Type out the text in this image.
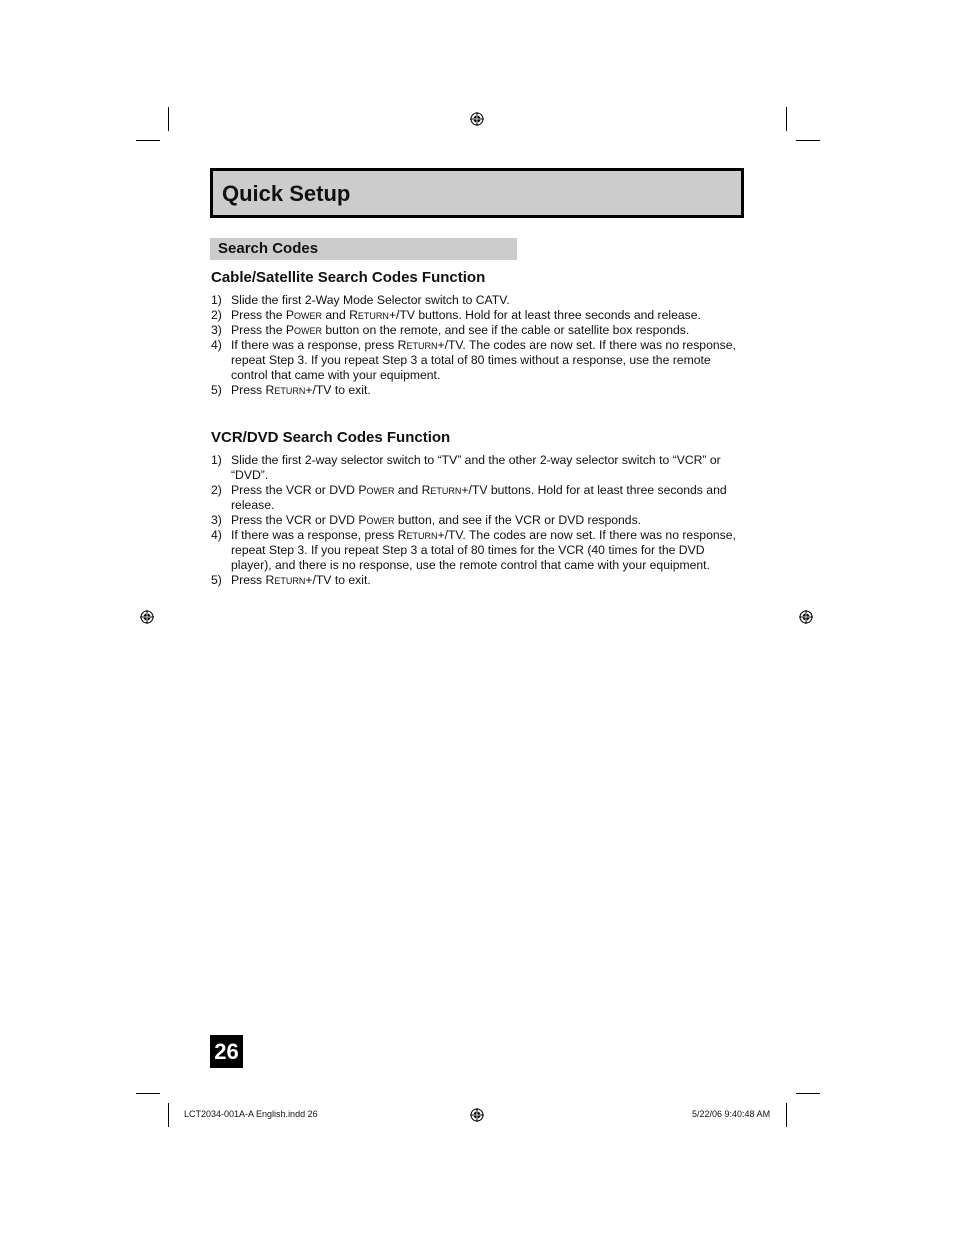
Quick Setup
Search Codes
Cable/Satellite Search Codes Function
1) Slide the first 2-Way Mode Selector switch to CATV.
2) Press the Power and Return+/TV buttons. Hold for at least three seconds and release.
3) Press the Power button on the remote, and see if the cable or satellite box responds.
4) If there was a response, press Return+/TV. The codes are now set. If there was no response, repeat Step 3. If you repeat Step 3 a total of 80 times without a response, use the remote control that came with your equipment.
5) Press Return+/TV to exit.
VCR/DVD Search Codes Function
1) Slide the first 2-way selector switch to “TV” and the other 2-way selector switch to “VCR” or “DVD”.
2) Press the VCR or DVD Power and Return+/TV buttons. Hold for at least three seconds and release.
3) Press the VCR or DVD Power button, and see if the VCR or DVD responds.
4) If there was a response, press Return+/TV. The codes are now set. If there was no response, repeat Step 3. If you repeat Step 3 a total of 80 times for the VCR (40 times for the DVD player), and there is no response, use the remote control that came with your equipment.
5) Press Return+/TV to exit.
26
LCT2034-001A-A English.indd 26	5/22/06 9:40:48 AM
